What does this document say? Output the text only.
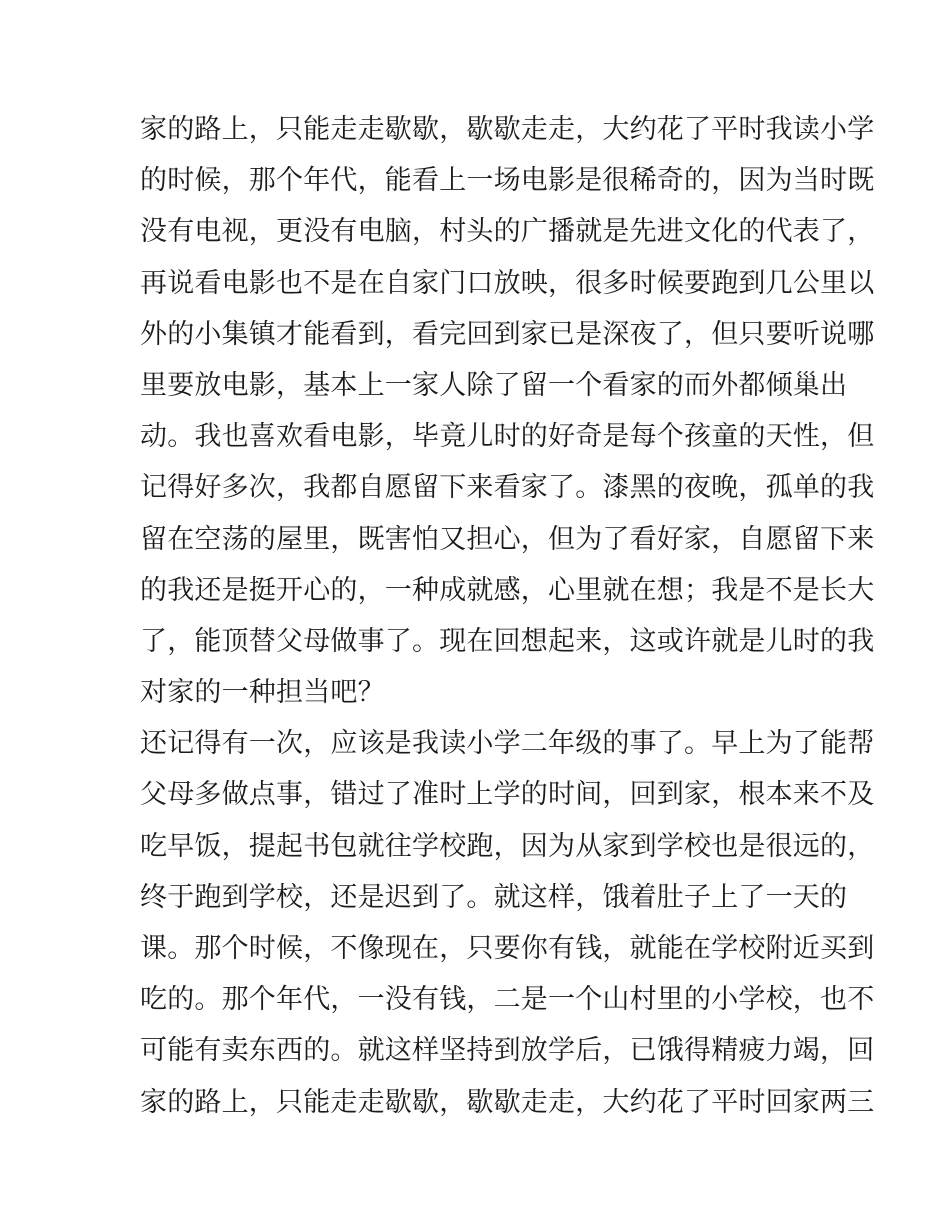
家的路上，只能走走歇歇，歇歇走走，大约花了平时我读小学
的时候，那个年代，能看上一场电影是很稀奇的，因为当时既
没有电视，更没有电脑，村头的广播就是先进文化的代表了，
再说看电影也不是在自家门口放映，很多时候要跑到几公里以
外的小集镇才能看到，看完回到家已是深夜了，但只要听说哪
里要放电影，基本上一家人除了留一个看家的而外都倾巢出
动。我也喜欢看电影，毕竟儿时的好奇是每个孩童的天性，但
记得好多次，我都自愿留下来看家了。漆黑的夜晚，孤单的我
留在空荡的屋里，既害怕又担心，但为了看好家，自愿留下来
的我还是挺开心的，一种成就感，心里就在想；我是不是长大
了，能顶替父母做事了。现在回想起来，这或许就是儿时的我
对家的一种担当吧？
还记得有一次，应该是我读小学二年级的事了。早上为了能帮
父母多做点事，错过了准时上学的时间，回到家，根本来不及
吃早饭，提起书包就往学校跑，因为从家到学校也是很远的，
终于跑到学校，还是迟到了。就这样，饿着肚子上了一天的
课。那个时候，不像现在，只要你有钱，就能在学校附近买到
吃的。那个年代，一没有钱，二是一个山村里的小学校，也不
可能有卖东西的。就这样坚持到放学后，已饿得精疲力竭，回
家的路上，只能走走歇歇，歇歇走走，大约花了平时回家两三
